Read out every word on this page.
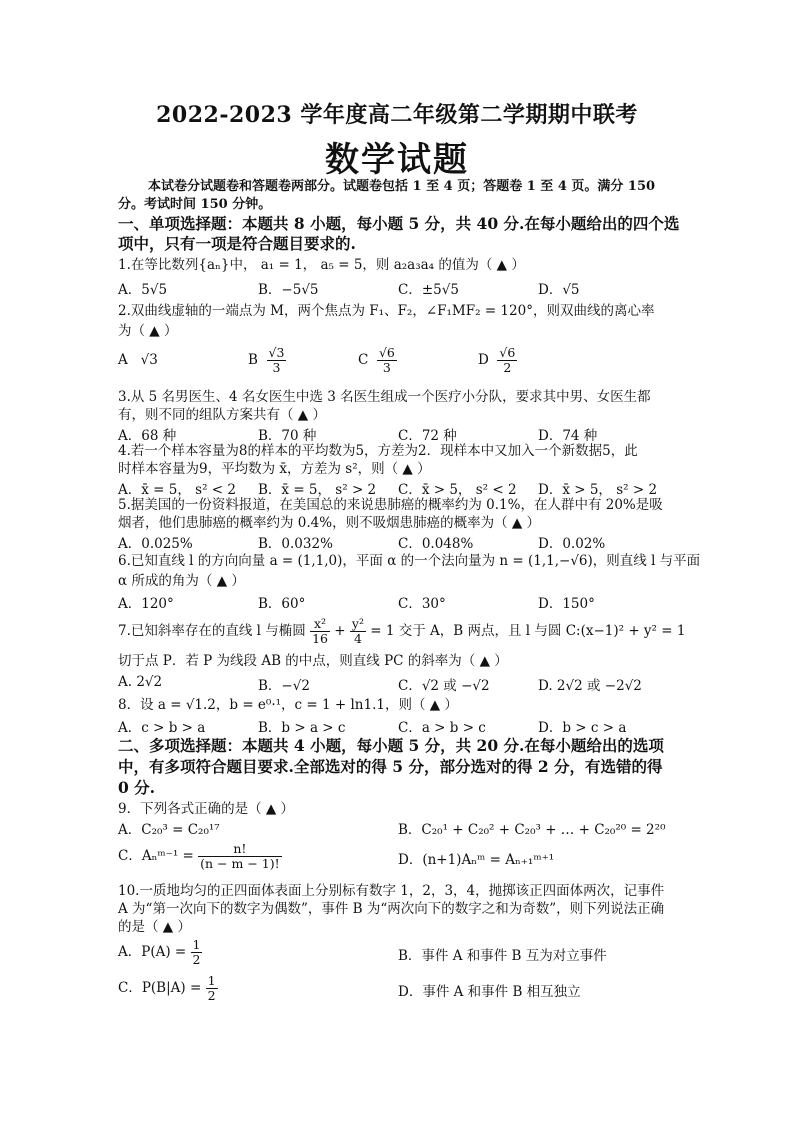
2022-2023 学年度高二年级第二学期期中联考
数学试题
本试卷分试题卷和答题卷两部分。试题卷包括 1 至 4 页；答题卷 1 至 4 页。满分 150
分。考试时间 150 分钟。
一、单项选择题：本题共 8 小题，每小题 5 分，共 40 分.在每小题给出的四个选
项中，只有一项是符合题目要求的.
1.在等比数列{aₙ}中， a₁ = 1， a₅ = 5，则 a₂a₃a₄ 的值为（ ▲ ）
A．5√5	B．−5√5	C．±5√5	D．√5
2.双曲线虚轴的一端点为 M，两个焦点为 F₁、F₂，∠F₁MF₂ = 120°，则双曲线的离心率
为（ ▲ ）
A √3	B $\frac{√3}{3}$	C $\frac{√6}{3}$	D $\frac{√6}{2}$
3.从 5 名男医生、4 名女医生中选 3 名医生组成一个医疗小分队，要求其中男、女医生都
有，则不同的组队方案共有（ ▲ ）
A．68 种	B．70 种	C．72 种	D．74 种
4.若一个样本容量为8的样本的平均数为5，方差为2．现样本中又加入一个新数据5，此
时样本容量为9，平均数为 x̄，方差为 s²，则（ ▲ ）
A．x̄ = 5， s² < 2 B．x̄ = 5， s² > 2 C．x̄ > 5， s² < 2 D．x̄ > 5， s² > 2
5.据美国的一份资料报道，在美国总的来说患肺癌的概率约为 0.1%，在人群中有 20%是吸
烟者，他们患肺癌的概率约为 0.4%，则不吸烟患肺癌的概率为（ ▲ ）
A．0.025%	B．0.032%	C．0.048%	D．0.02%
6.已知直线 l 的方向向量 a = (1,1,0)，平面 α 的一个法向量为 n = (1,1,−√6)，则直线 l 与平面
α 所成的角为（ ▲ ）
A．120°	B．60°	C．30°	D．150°
7.已知斜率存在的直线 l 与椭圆 $\frac{\text{x²}}{16} + \frac{\text{y²}}{4} = 1$ 交于 A，B 两点，且 l 与圆 C:(x−1)² + y² = 1
切于点 P．若 P 为线段 AB 的中点，则直线 PC 的斜率为（ ▲ ）
A. 2√2	B．−√2	C．√2 或 −√2	D. 2√2 或 −2√2
8．设 a = √1.2，b = e⁰·¹，c = 1 + ln1.1，则（ ▲ ）
A．c > b > a	B．b > a > c	C．a > b > c	D．b > c > a
二、多项选择题：本题共 4 小题，每小题 5 分，共 20 分.在每小题给出的选项
中，有多项符合题目要求.全部选对的得 5 分，部分选对的得 2 分，有选错的得
0 分.
9．下列各式正确的是（ ▲ ）
A．C₂₀³ = C₂₀¹⁷	B．C₂₀¹ + C₂₀² + C₂₀³ + … + C₂₀²⁰ = 2²⁰
C．Aₙᵐ⁻¹ = $\frac{n!}{(n - m - 1)!}$	D．(n+1)Aₙᵐ = Aₙ₊₁ᵐ⁺¹
10.一质地均匀的正四面体表面上分别标有数字 1，2，3，4，抛掷该正四面体两次，记事件
A 为“第一次向下的数字为偶数”，事件 B 为“两次向下的数字之和为奇数”，则下列说法正确
的是（ ▲ ）
A．$P(A) = \frac{1}{2}$	B．事件 A 和事件 B 互为对立事件
C．$P(B|A) = \frac{1}{2}$	D．事件 A 和事件 B 相互独立
